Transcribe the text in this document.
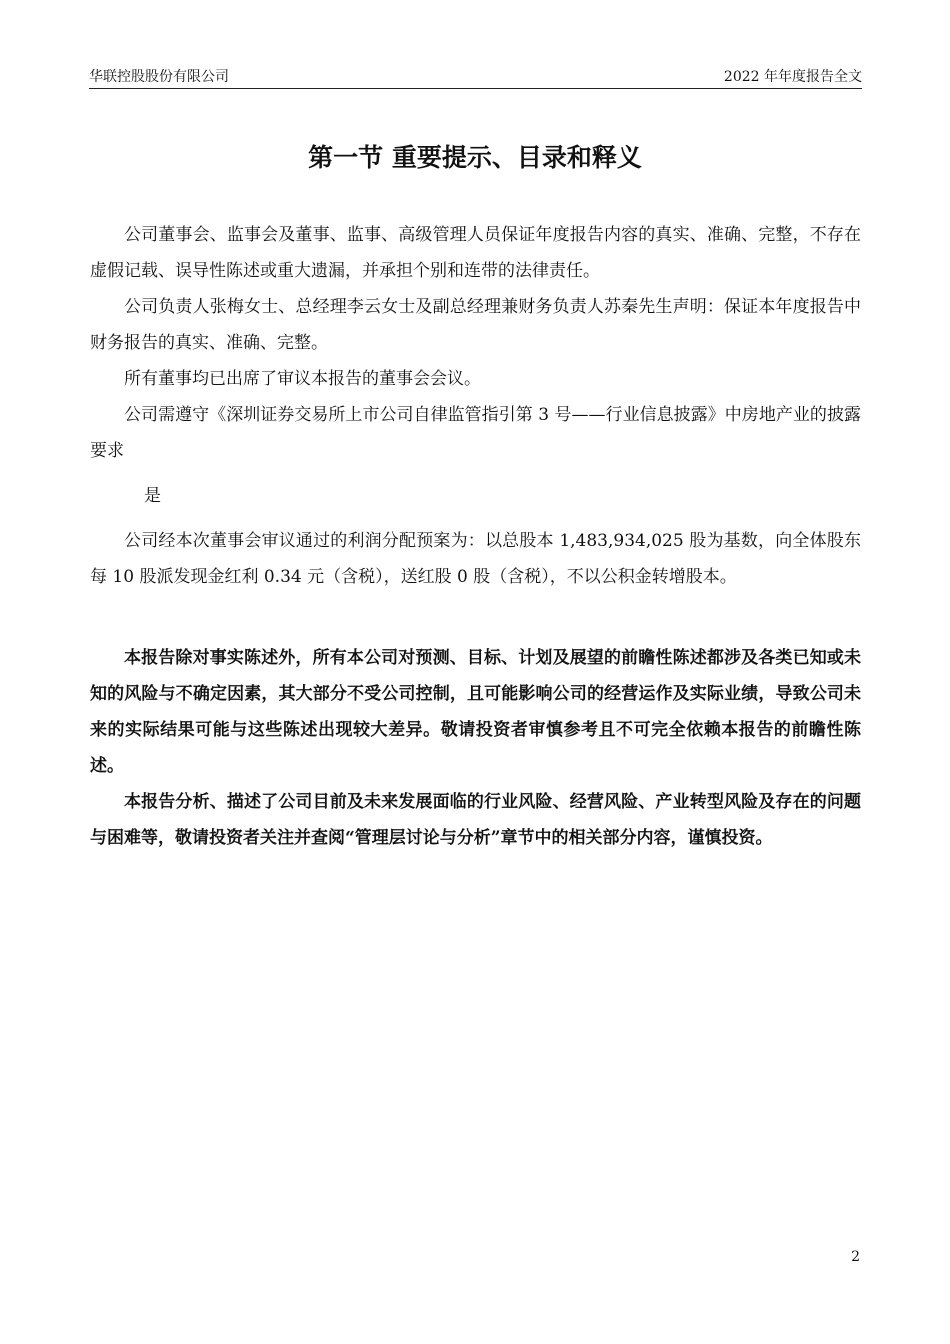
华联控股股份有限公司	2022 年年度报告全文
第一节 重要提示、目录和释义

公司董事会、监事会及董事、监事、高级管理人员保证年度报告内容的真实、准确、完整，不存在虚假记载、误导性陈述或重大遗漏，并承担个别和连带的法律责任。

公司负责人张梅女士、总经理李云女士及副总经理兼财务负责人苏秦先生声明：保证本年度报告中财务报告的真实、准确、完整。

所有董事均已出席了审议本报告的董事会会议。

公司需遵守《深圳证券交易所上市公司自律监管指引第 3 号——行业信息披露》中房地产业的披露要求

是

公司经本次董事会审议通过的利润分配预案为：以总股本 1,483,934,025 股为基数，向全体股东每 10 股派发现金红利 0.34 元（含税），送红股 0 股（含税），不以公积金转增股本。

本报告除对事实陈述外，所有本公司对预测、目标、计划及展望的前瞻性陈述都涉及各类已知或未知的风险与不确定因素，其大部分不受公司控制，且可能影响公司的经营运作及实际业绩，导致公司未来的实际结果可能与这些陈述出现较大差异。敬请投资者审慎参考且不可完全依赖本报告的前瞻性陈述。

本报告分析、描述了公司目前及未来发展面临的行业风险、经营风险、产业转型风险及存在的问题与困难等，敬请投资者关注并查阅“管理层讨论与分析”章节中的相关部分内容，谨慎投资。

2
